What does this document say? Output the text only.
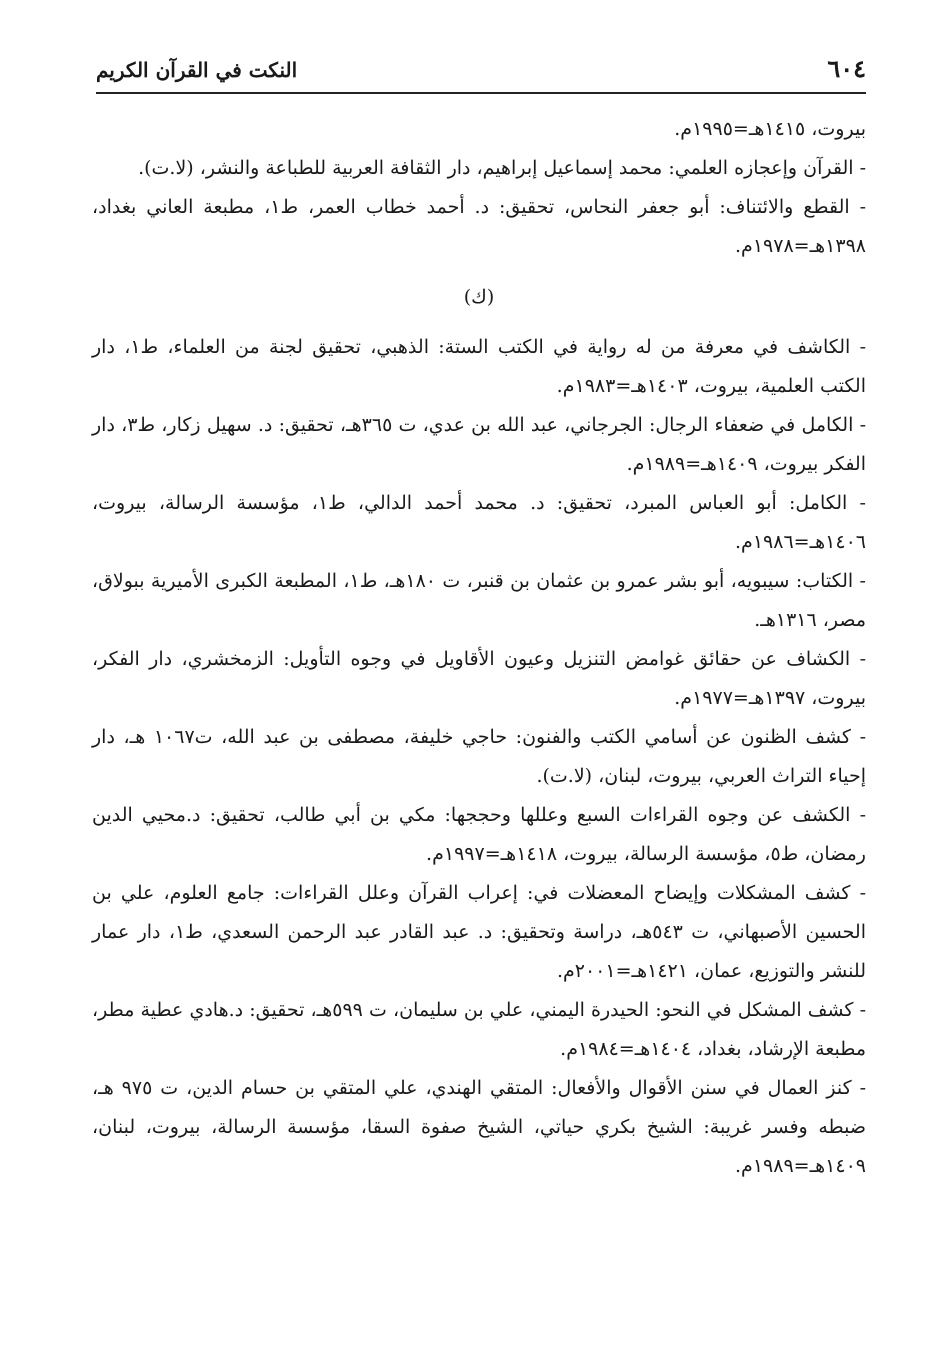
٦٠٤
النكت في القرآن الكريم

بيروت، ١٤١٥هـ=١٩٩٥م.

- القرآن وإعجازه العلمي: محمد إسماعيل إبراهيم، دار الثقافة العربية للطباعة والنشر، (لا.ت).

- القطع والائتناف: أبو جعفر النحاس، تحقيق: د. أحمد خطاب العمر، ط١، مطبعة العاني بغداد، ١٣٩٨هـ=١٩٧٨م.

(ك)

- الكاشف في معرفة من له رواية في الكتب الستة: الذهبي، تحقيق لجنة من العلماء، ط١، دار الكتب العلمية، بيروت، ١٤٠٣هـ=١٩٨٣م.

- الكامل في ضعفاء الرجال: الجرجاني، عبد الله بن عدي، ت ٣٦٥هـ، تحقيق: د. سهيل زكار، ط٣، دار الفكر بيروت، ١٤٠٩هـ=١٩٨٩م.

- الكامل: أبو العباس المبرد، تحقيق: د. محمد أحمد الدالي، ط١، مؤسسة الرسالة، بيروت، ١٤٠٦هـ=١٩٨٦م.

- الكتاب: سيبويه، أبو بشر عمرو بن عثمان بن قنبر، ت ١٨٠هـ، ط١، المطبعة الكبرى الأميرية ببولاق، مصر، ١٣١٦هـ.

- الكشاف عن حقائق غوامض التنزيل وعيون الأقاويل في وجوه التأويل: الزمخشري، دار الفكر، بيروت، ١٣٩٧هـ=١٩٧٧م.

- كشف الظنون عن أسامي الكتب والفنون: حاجي خليفة، مصطفى بن عبد الله، ت١٠٦٧ هـ، دار إحياء التراث العربي، بيروت، لبنان، (لا.ت).

- الكشف عن وجوه القراءات السبع وعللها وحججها: مكي بن أبي طالب، تحقيق: د.محيي الدين رمضان، ط٥، مؤسسة الرسالة، بيروت، ١٤١٨هـ=١٩٩٧م.

- كشف المشكلات وإيضاح المعضلات في: إعراب القرآن وعلل القراءات: جامع العلوم، علي بن الحسين الأصبهاني، ت ٥٤٣هـ، دراسة وتحقيق: د. عبد القادر عبد الرحمن السعدي، ط١، دار عمار للنشر والتوزيع، عمان، ١٤٢١هـ=٢٠٠١م.

- كشف المشكل في النحو: الحيدرة اليمني، علي بن سليمان، ت ٥٩٩هـ، تحقيق: د.هادي عطية مطر، مطبعة الإرشاد، بغداد، ١٤٠٤هـ=١٩٨٤م.

- كنز العمال في سنن الأقوال والأفعال: المتقي الهندي، علي المتقي بن حسام الدين، ت ٩٧٥ هـ، ضبطه وفسر غريبة: الشيخ بكري حياتي، الشيخ صفوة السقا، مؤسسة الرسالة، بيروت، لبنان، ١٤٠٩هـ=١٩٨٩م.
